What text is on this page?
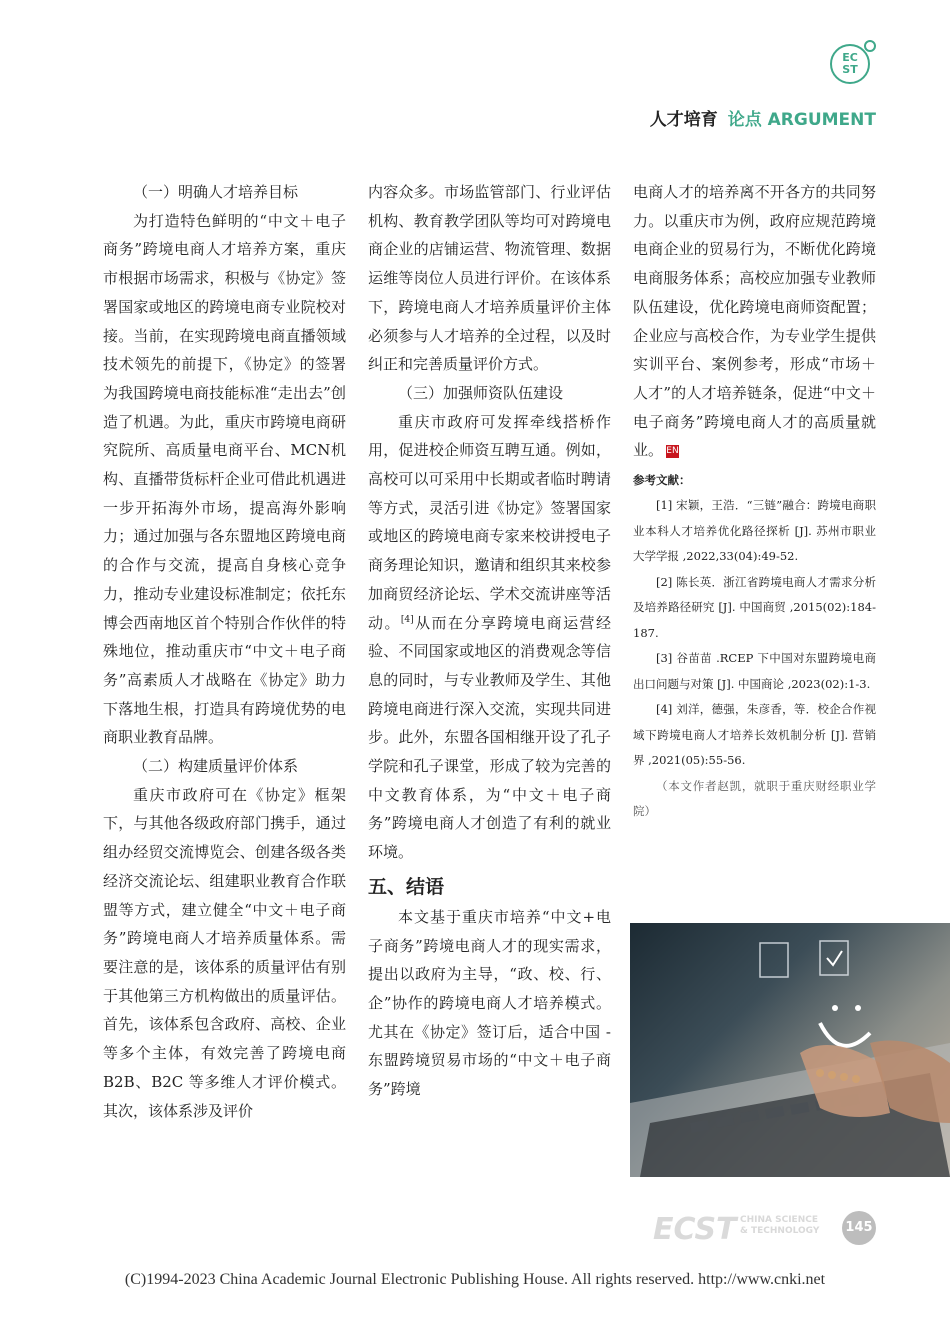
EC
ST
人才培育 论点 ARGUMENT
（一）明确人才培养目标

为打造特色鲜明的“中文＋电子商务”跨境电商人才培养方案，重庆市根据市场需求，积极与《协定》签署国家或地区的跨境电商专业院校对接。当前，在实现跨境电商直播领域技术领先的前提下，《协定》的签署为我国跨境电商技能标准“走出去”创造了机遇。为此，重庆市跨境电商研究院所、高质量电商平台、MCN机构、直播带货标杆企业可借此机遇进一步开拓海外市场，提高海外影响力；通过加强与各东盟地区跨境电商的合作与交流，提高自身核心竞争力，推动专业建设标准制定；依托东博会西南地区首个特别合作伙伴的特殊地位，推动重庆市“中文＋电子商务”高素质人才战略在《协定》助力下落地生根，打造具有跨境优势的电商职业教育品牌。

（二）构建质量评价体系

重庆市政府可在《协定》框架下，与其他各级政府部门携手，通过组办经贸交流博览会、创建各级各类经济交流论坛、组建职业教育合作联盟等方式，建立健全“中文＋电子商务”跨境电商人才培养质量体系。需要注意的是，该体系的质量评估有别于其他第三方机构做出的质量评估。首先，该体系包含政府、高校、企业等多个主体，有效完善了跨境电商 B2B、B2C 等多维人才评价模式。其次，该体系涉及评价

内容众多。市场监管部门、行业评估机构、教育教学团队等均可对跨境电商企业的店铺运营、物流管理、数据运维等岗位人员进行评价。在该体系下，跨境电商人才培养质量评价主体必须参与人才培养的全过程，以及时纠正和完善质量评价方式。

（三）加强师资队伍建设

重庆市政府可发挥牵线搭桥作用，促进校企师资互聘互通。例如，高校可以可采用中长期或者临时聘请等方式，灵活引进《协定》签署国家或地区的跨境电商专家来校讲授电子商务理论知识，邀请和组织其来校参加商贸经济论坛、学术交流讲座等活动。[4]从而在分享跨境电商运营经验、不同国家或地区的消费观念等信息的同时，与专业教师及学生、其他跨境电商进行深入交流，实现共同进步。此外，东盟各国相继开设了孔子学院和孔子课堂，形成了较为完善的中文教育体系，为“中文＋电子商务”跨境电商人才创造了有利的就业环境。

五、结语

本文基于重庆市培养“中文+电子商务”跨境电商人才的现实需求，提出以政府为主导，“政、校、行、企”协作的跨境电商人才培养模式。尤其在《协定》签订后，适合中国 - 东盟跨境贸易市场的“中文＋电子商务”跨境

电商人才的培养离不开各方的共同努力。以重庆市为例，政府应规范跨境电商企业的贸易行为，不断优化跨境电商服务体系；高校应加强专业教师队伍建设，优化跨境电商师资配置；企业应与高校合作，为专业学生提供实训平台、案例参考，形成“市场＋人才”的人才培养链条，促进“中文＋电子商务”跨境电商人才的高质量就业。 EN

参考文献：

[1] 宋颖，王浩．“三链”融合：跨境电商职业本科人才培养优化路径探析 [J]. 苏州市职业大学学报 ,2022,33(04):49-52.

[2] 陈长英．浙江省跨境电商人才需求分析及培养路径研究 [J]. 中国商贸 ,2015(02):184-187.

[3] 谷苗苗 .RCEP 下中国对东盟跨境电商出口问题与对策 [J]. 中国商论 ,2023(02):1-3.

[4] 刘洋，德强，朱彦香，等．校企合作视域下跨境电商人才培养长效机制分析 [J]. 营销界 ,2021(05):55-56.

（本文作者赵凯，就职于重庆财经职业学院）

ECST CHINA SCIENCE
& TECHNOLOGY 145
(C)1994-2023 China Academic Journal Electronic Publishing House. All rights reserved. http://www.cnki.net
